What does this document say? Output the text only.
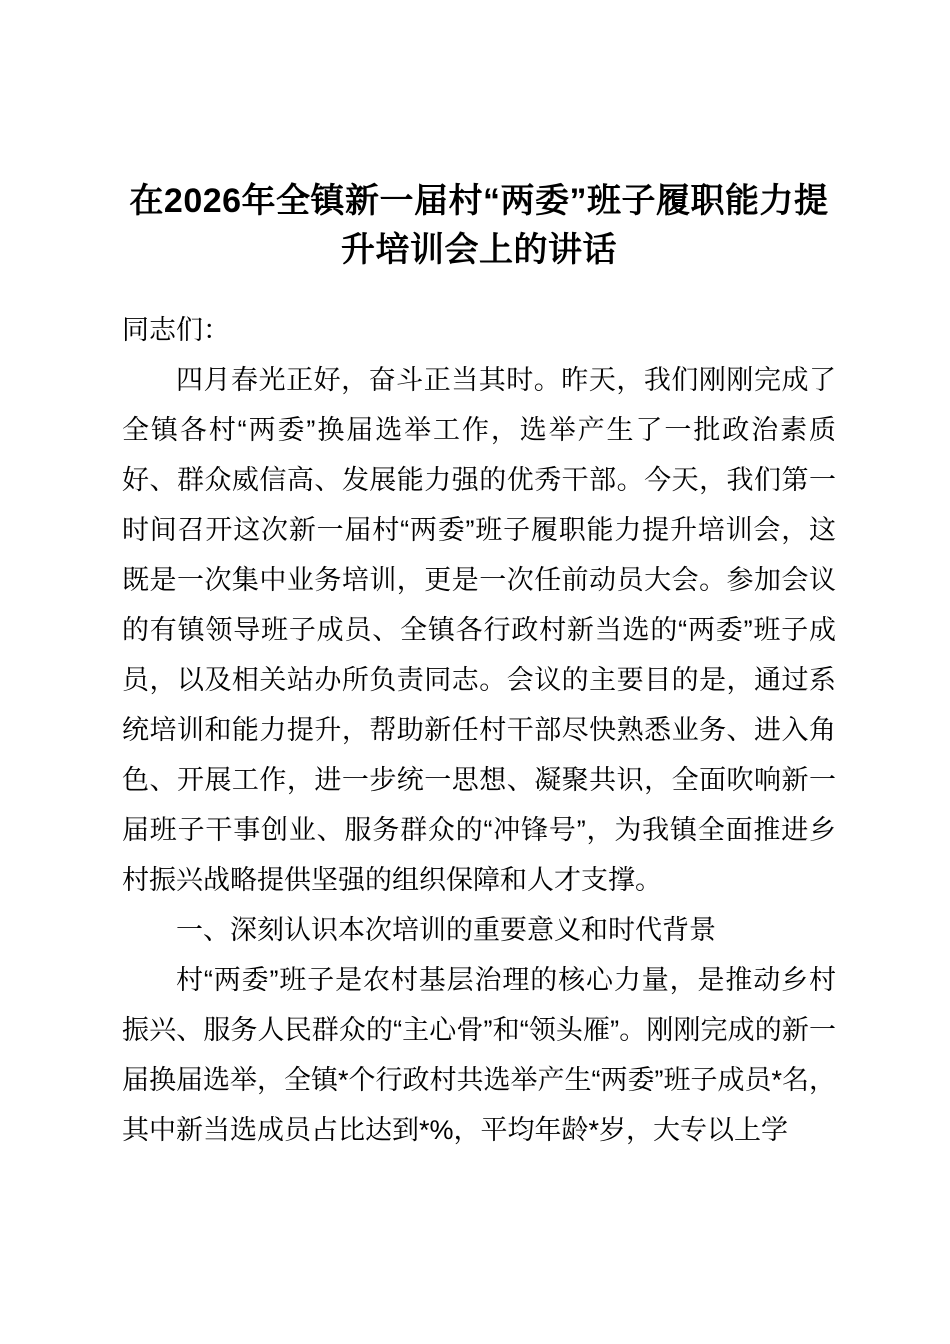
在2026年全镇新一届村“两委”班子履职能力提升培训会上的讲话

同志们：

四月春光正好，奋斗正当其时。昨天，我们刚刚完成了全镇各村“两委”换届选举工作，选举产生了一批政治素质好、群众威信高、发展能力强的优秀干部。今天，我们第一时间召开这次新一届村“两委”班子履职能力提升培训会，这既是一次集中业务培训，更是一次任前动员大会。参加会议的有镇领导班子成员、全镇各行政村新当选的“两委”班子成员，以及相关站办所负责同志。会议的主要目的是，通过系统培训和能力提升，帮助新任村干部尽快熟悉业务、进入角色、开展工作，进一步统一思想、凝聚共识，全面吹响新一届班子干事创业、服务群众的“冲锋号”，为我镇全面推进乡村振兴战略提供坚强的组织保障和人才支撑。

一、深刻认识本次培训的重要意义和时代背景

村“两委”班子是农村基层治理的核心力量，是推动乡村振兴、服务人民群众的“主心骨”和“领头雁”。刚刚完成的新一届换届选举，全镇*个行政村共选举产生“两委”班子成员*名，其中新当选成员占比达到*%，平均年龄*岁，大专以上学
